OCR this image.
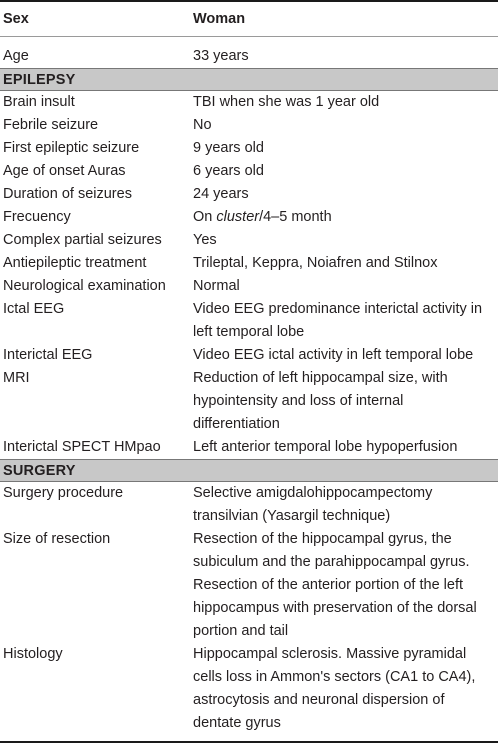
Sex	Woman
Age	33 years
EPILEPSY
Brain insult	TBI when she was 1 year old
Febrile seizure	No
First epileptic seizure	9 years old
Age of onset Auras	6 years old
Duration of seizures	24 years
Frecuency	On cluster/4–5 month
Complex partial seizures	Yes
Antiepileptic treatment	Trileptal, Keppra, Noiafren and Stilnox
Neurological examination	Normal
Ictal EEG	Video EEG predominance interictal activity in left temporal lobe
Interictal EEG	Video EEG ictal activity in left temporal lobe
MRI	Reduction of left hippocampal size, with hypointensity and loss of internal differentiation
Interictal SPECT HMpao	Left anterior temporal lobe hypoperfusion
SURGERY
Surgery procedure	Selective amigdalohippocampectomy transilvian (Yasargil technique)
Size of resection	Resection of the hippocampal gyrus, the subiculum and the parahippocampal gyrus. Resection of the anterior portion of the left hippocampus with preservation of the dorsal portion and tail
Histology	Hippocampal sclerosis. Massive pyramidal cells loss in Ammon's sectors (CA1 to CA4), astrocytosis and neuronal dispersion of dentate gyrus
